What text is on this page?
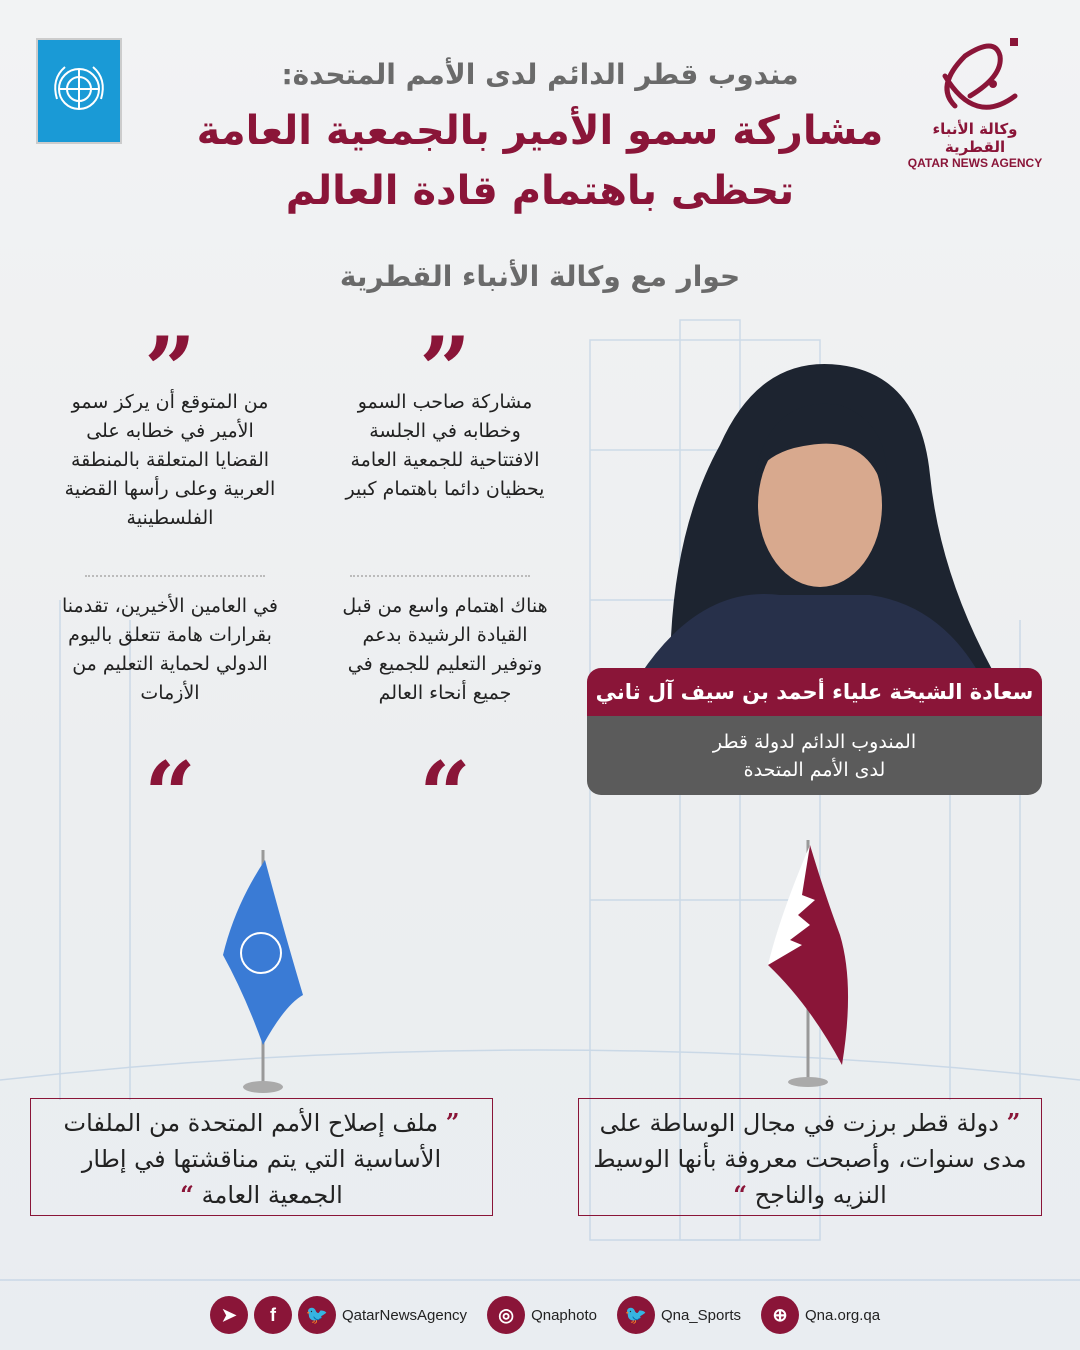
وكالة الأنباء القطرية
QATAR NEWS AGENCY
مندوب قطر الدائم لدى الأمم المتحدة:
مشاركة سمو الأمير بالجمعية العامة
تحظى باهتمام قادة العالم
حوار مع وكالة الأنباء القطرية
”
”	مشاركة صاحب السمو وخطابه في الجلسة الافتتاحية للجمعية العامة يحظيان دائما باهتمام كبير
من المتوقع أن يركز سمو الأمير في خطابه على القضايا المتعلقة بالمنطقة العربية وعلى رأسها القضية الفلسطينية
هناك اهتمام واسع من قبل القيادة الرشيدة بدعم وتوفير التعليم للجميع في جميع أنحاء العالم
في العامين الأخيرين، تقدمنا بقرارات هامة تتعلق باليوم الدولي لحماية التعليم من الأزمات
“
“
سعادة الشيخة علياء أحمد بن سيف آل ثاني
المندوب الدائم لدولة قطر
لدى الأمم المتحدة
” دولة قطر برزت في مجال الوساطة على مدى سنوات، وأصبحت معروفة بأنها الوسيط النزيه والناجح “
” ملف إصلاح الأمم المتحدة من الملفات الأساسية التي يتم مناقشتها في إطار الجمعية العامة “
➤	f	🐦 QatarNewsAgency	◎	Qnaphoto	🐦 Qna_Sports	⊕	Qna.org.qa
